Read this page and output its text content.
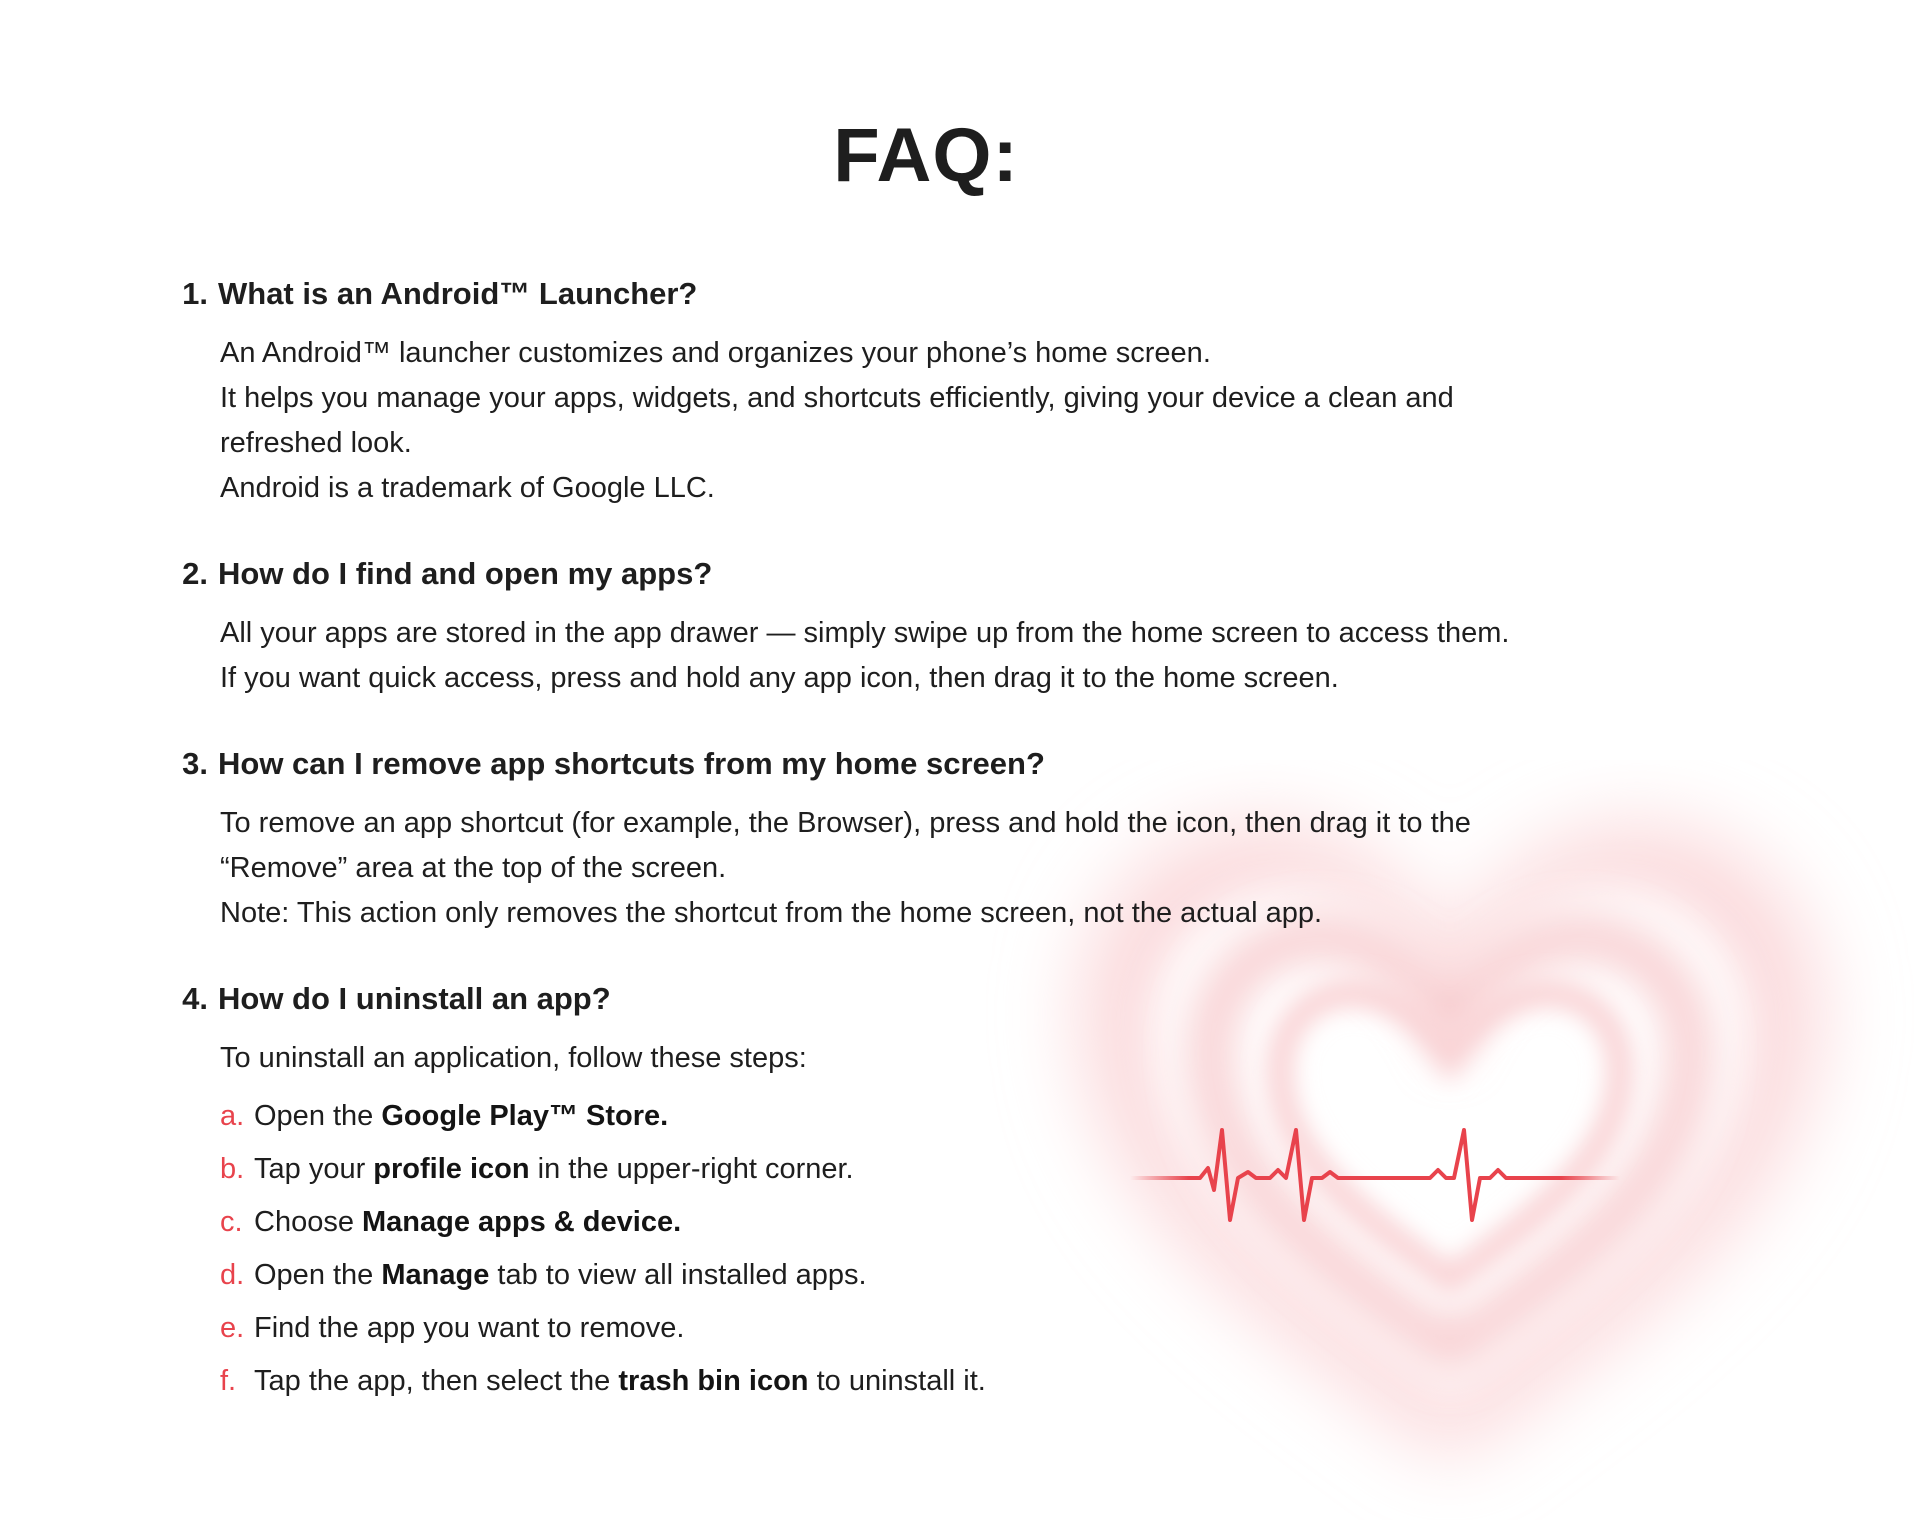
FAQ:
1. What is an Android™ Launcher?
An Android™ launcher customizes and organizes your phone’s home screen.
It helps you manage your apps, widgets, and shortcuts efficiently, giving your device a clean and
refreshed look.
Android is a trademark of Google LLC.
2. How do I find and open my apps?
All your apps are stored in the app drawer — simply swipe up from the home screen to access them.
If you want quick access, press and hold any app icon, then drag it to the home screen.
3. How can I remove app shortcuts from my home screen?
To remove an app shortcut (for example, the Browser), press and hold the icon, then drag it to the
“Remove” area at the top of the screen.
Note: This action only removes the shortcut from the home screen, not the actual app.
4. How do I uninstall an app?
To uninstall an application, follow these steps:
a. Open the Google Play™ Store.
b. Tap your profile icon in the upper-right corner.
c. Choose Manage apps & device.
d. Open the Manage tab to view all installed apps.
e. Find the app you want to remove.
f. Tap the app, then select the trash bin icon to uninstall it.
